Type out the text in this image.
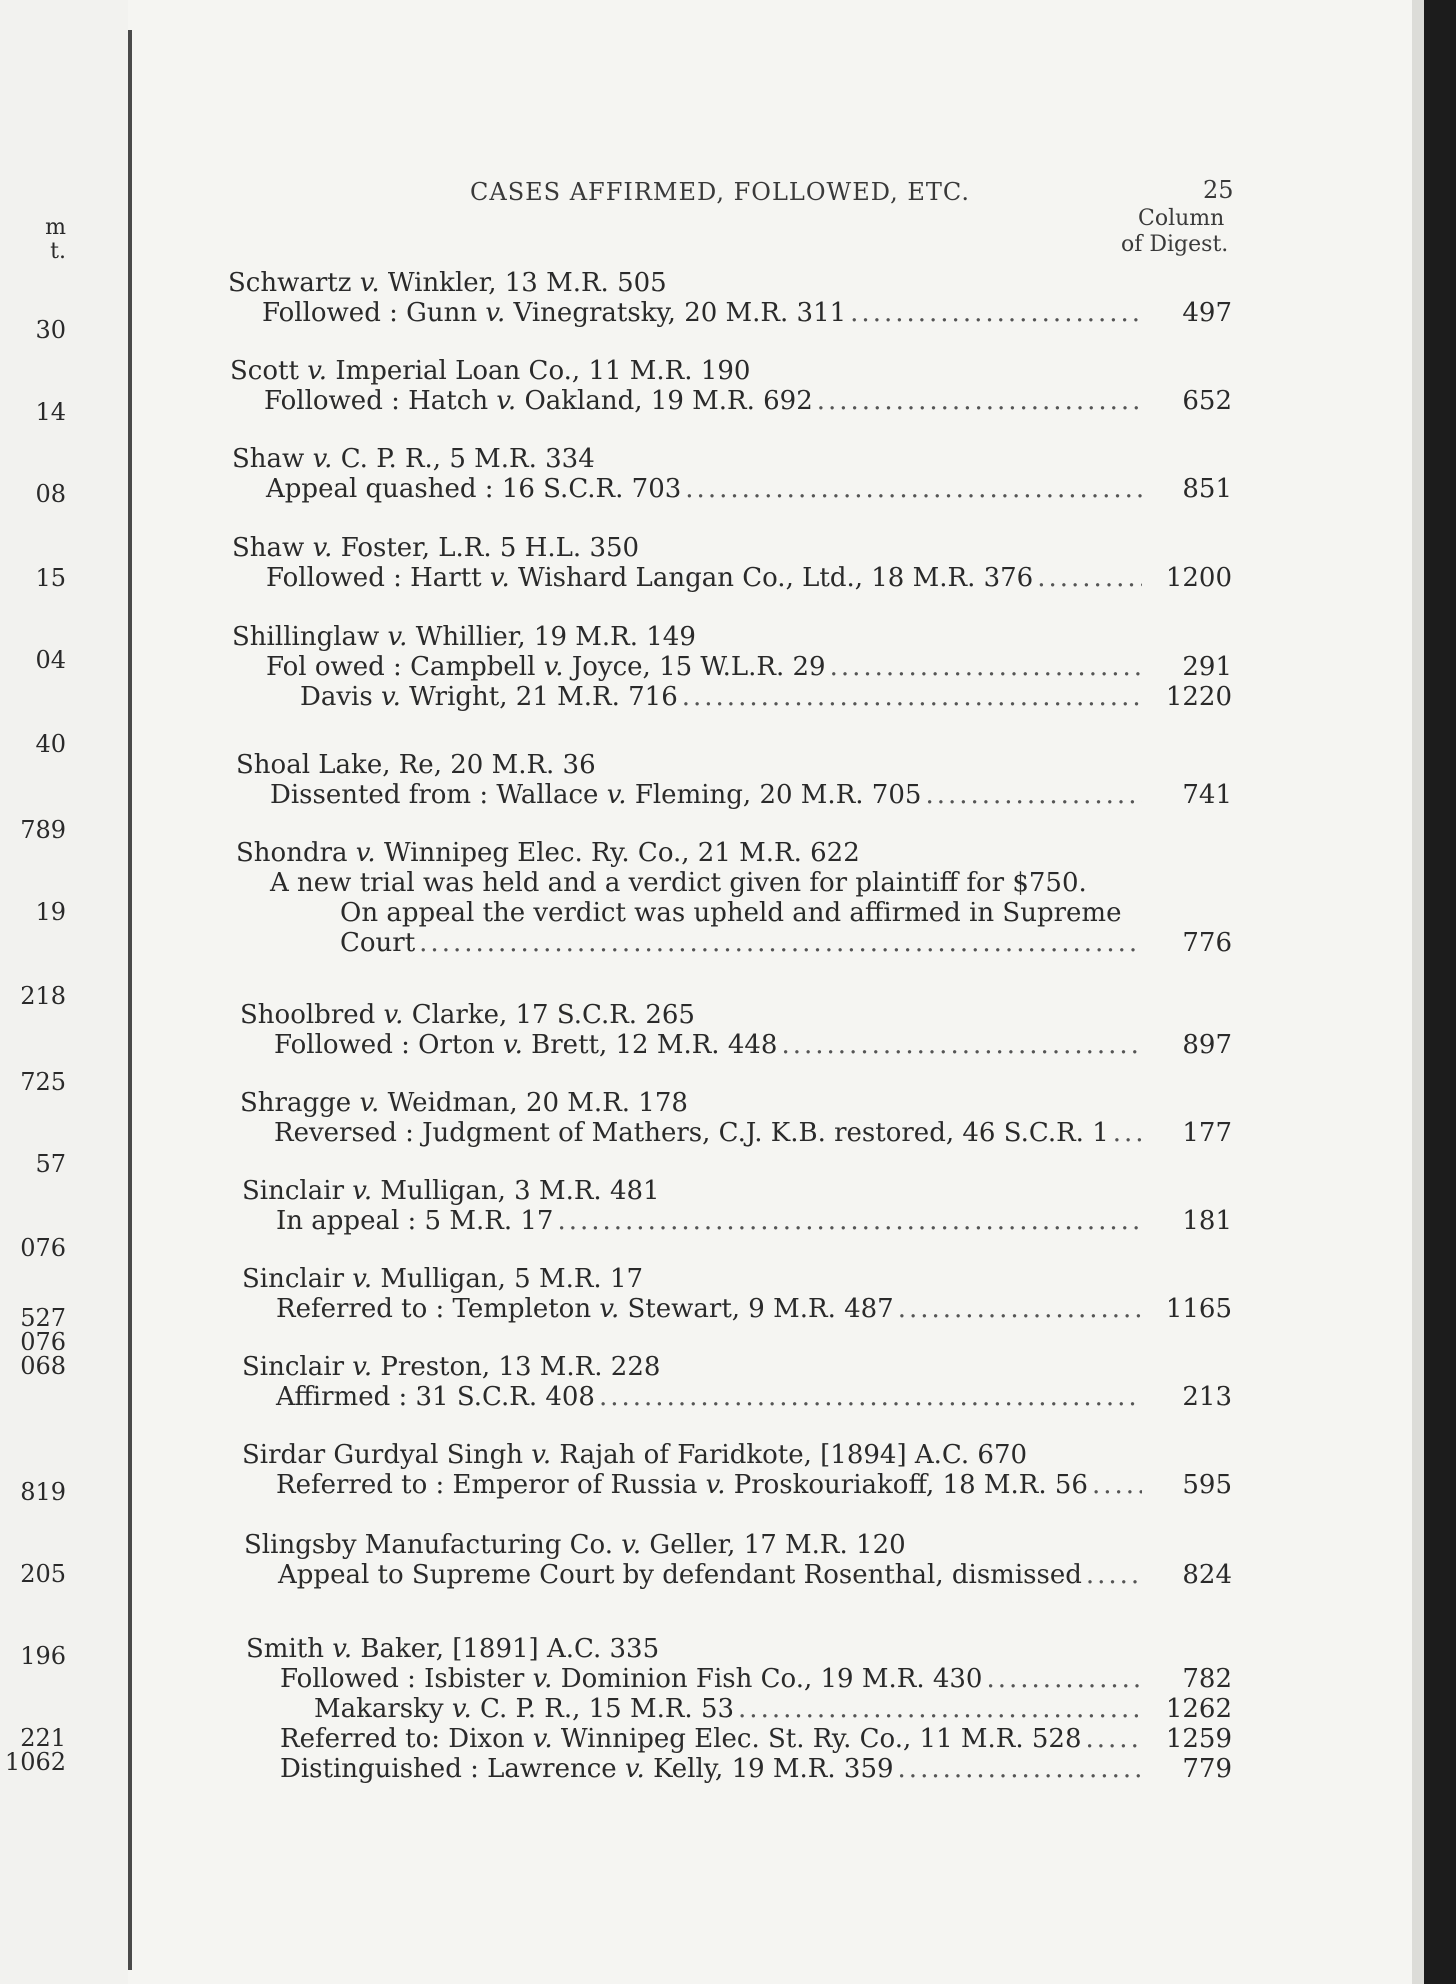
m
t.
30
14
08
15
04
40
789
19
218
725
57
076
527
076
068
819
205
196
221
1062
CASES AFFIRMED, FOLLOWED, ETC.	25
Column
of Digest.
Schwartz v. Winkler, 13 M.R. 505
Followed : Gunn v. Vinegratsky, 20 M.R. 311 .....	497
Scott v. Imperial Loan Co., 11 M.R. 190
Followed : Hatch v. Oakland, 19 M.R. 692 .....	652
Shaw v. C. P. R., 5 M.R. 334
Appeal quashed : 16 S.C.R. 703 .....	851
Shaw v. Foster, L.R. 5 H.L. 350
Followed : Hartt v. Wishard Langan Co., Ltd., 18 M.R. 376 .....	1200
Shillinglaw v. Whillier, 19 M.R. 149
Fol owed : Campbell v. Joyce, 15 W.L.R. 29 .....	291
Davis v. Wright, 21 M.R. 716 .....	1220
Shoal Lake, Re, 20 M.R. 36
Dissented from : Wallace v. Fleming, 20 M.R. 705 .....	741
Shondra v. Winnipeg Elec. Ry. Co., 21 M.R. 622
A new trial was held and a verdict given for plaintiff for $750.
On appeal the verdict was upheld and affirmed in Supreme
Court .....	776
Shoolbred v. Clarke, 17 S.C.R. 265
Followed : Orton v. Brett, 12 M.R. 448 .....	897
Shragge v. Weidman, 20 M.R. 178
Reversed : Judgment of Mathers, C.J. K.B. restored, 46 S.C.R. 1 .....	177
Sinclair v. Mulligan, 3 M.R. 481
In appeal : 5 M.R. 17 .....	181
Sinclair v. Mulligan, 5 M.R. 17
Referred to : Templeton v. Stewart, 9 M.R. 487 .....	1165
Sinclair v. Preston, 13 M.R. 228
Affirmed : 31 S.C.R. 408 .....	213
Sirdar Gurdyal Singh v. Rajah of Faridkote, [1894] A.C. 670
Referred to : Emperor of Russia v. Proskouriakoff, 18 M.R. 56 .....	595
Slingsby Manufacturing Co. v. Geller, 17 M.R. 120
Appeal to Supreme Court by defendant Rosenthal, dismissed .....	824
Smith v. Baker, [1891] A.C. 335
Followed : Isbister v. Dominion Fish Co., 19 M.R. 430 .....	782
Makarsky v. C. P. R., 15 M.R. 53 .....	1262
Referred to: Dixon v. Winnipeg Elec. St. Ry. Co., 11 M.R. 528 .....	1259
Distinguished : Lawrence v. Kelly, 19 M.R. 359 .....	779
